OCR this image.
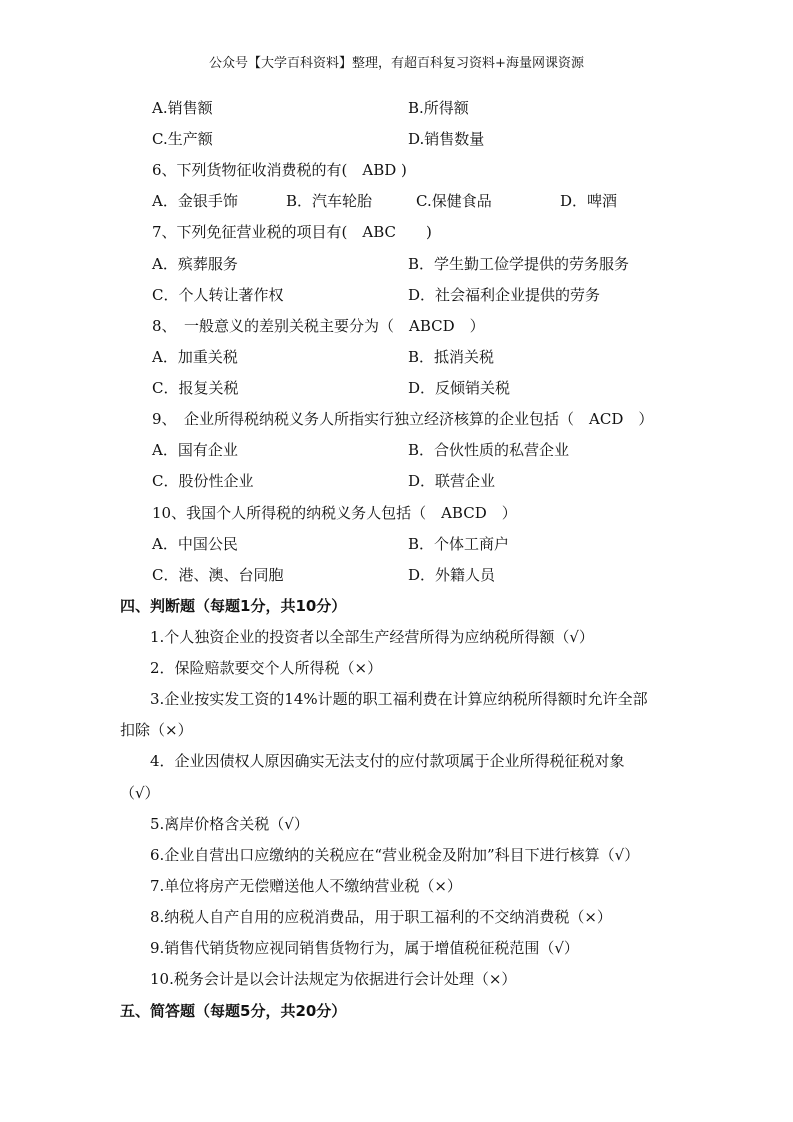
公众号【大学百科资料】整理，有超百科复习资料+海量网课资源
A.销售额	B.所得额
C.生产额	D.销售数量
6、下列货物征收消费税的有(　ABD )
A．金银手饰	B．汽车轮胎	C.保健食品	D．啤酒
7、下列免征营业税的项目有(　ABC　　)
A．殡葬服务	B．学生勤工俭学提供的劳务服务
C．个人转让著作权	D．社会福利企业提供的劳务
8、　一般意义的差别关税主要分为（　ABCD　）
A．加重关税	B．抵消关税
C．报复关税	D．反倾销关税
9、　企业所得税纳税义务人所指实行独立经济核算的企业包括（　ACD　）
A．国有企业	B．合伙性质的私营企业
C．股份性企业	D．联营企业
10、我国个人所得税的纳税义务人包括（　ABCD　）
A．中国公民	B．个体工商户
C．港、澳、台同胞	D．外籍人员
四、判断题（每题1分，共10分）
1.个人独资企业的投资者以全部生产经营所得为应纳税所得额（√）
2．保险赔款要交个人所得税（×）
3.企业按实发工资的14%计题的职工福利费在计算应纳税所得额时允许全部
扣除（×）
4．企业因债权人原因确实无法支付的应付款项属于企业所得税征税对象
（√）
5.离岸价格含关税（√）
6.企业自营出口应缴纳的关税应在“营业税金及附加”科目下进行核算（√）
7.单位将房产无偿赠送他人不缴纳营业税（×）
8.纳税人自产自用的应税消费品，用于职工福利的不交纳消费税（×）
9.销售代销货物应视同销售货物行为，属于增值税征税范围（√）
10.税务会计是以会计法规定为依据进行会计处理（×）
五、简答题（每题5分，共20分）
